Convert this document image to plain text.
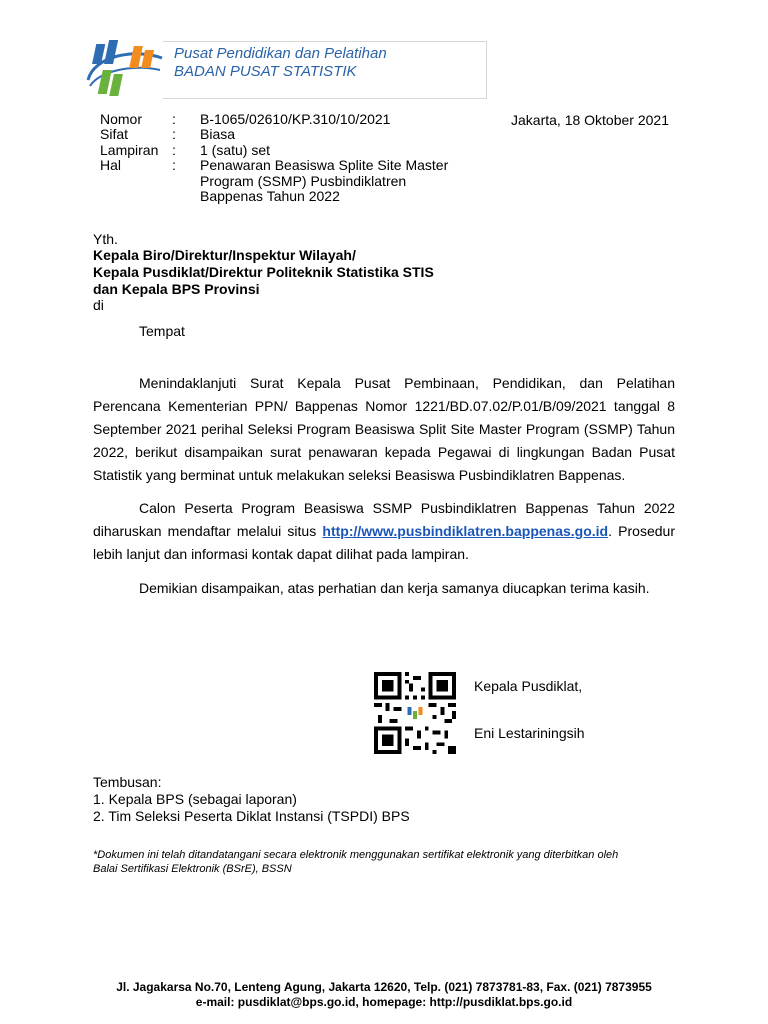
Pusat Pendidikan dan Pelatihan
BADAN PUSAT STATISTIK
Nomor : B-1065/02610/KP.310/10/2021
Sifat	: Biasa
Lampiran : 1 (satu) set
Hal	: Penawaran Beasiswa Splite Site Master
Program (SSMP) Pusbindiklatren
Bappenas Tahun 2022
Jakarta, 18 Oktober 2021
Yth.
Kepala Biro/Direktur/Inspektur Wilayah/
Kepala Pusdiklat/Direktur Politeknik Statistika STIS
dan Kepala BPS Provinsi
di
Tempat

Menindaklanjuti Surat Kepala Pusat Pembinaan, Pendidikan, dan Pelatihan Perencana Kementerian PPN/ Bappenas Nomor 1221/BD.07.02/P.01/B/09/2021 tanggal 8 September 2021 perihal Seleksi Program Beasiswa Split Site Master Program (SSMP) Tahun 2022, berikut disampaikan surat penawaran kepada Pegawai di lingkungan Badan Pusat Statistik yang berminat untuk melakukan seleksi Beasiswa Pusbindiklatren Bappenas.

Calon Peserta Program Beasiswa SSMP Pusbindiklatren Bappenas Tahun 2022 diharuskan mendaftar melalui situs http://www.pusbindiklatren.bappenas.go.id. Prosedur lebih lanjut dan informasi kontak dapat dilihat pada lampiran.

Demikian disampaikan, atas perhatian dan kerja samanya diucapkan terima kasih.

Kepala Pusdiklat,
Eni Lestariningsih
Tembusan:
1. Kepala BPS (sebagai laporan)
2. Tim Seleksi Peserta Diklat Instansi (TSPDI) BPS
*Dokumen ini telah ditandatangani secara elektronik menggunakan sertifikat elektronik yang diterbitkan oleh
Balai Sertifikasi Elektronik (BSrE), BSSN
Jl. Jagakarsa No.70, Lenteng Agung, Jakarta 12620, Telp. (021) 7873781-83, Fax. (021) 7873955
e-mail: pusdiklat@bps.go.id, homepage: http://pusdiklat.bps.go.id
